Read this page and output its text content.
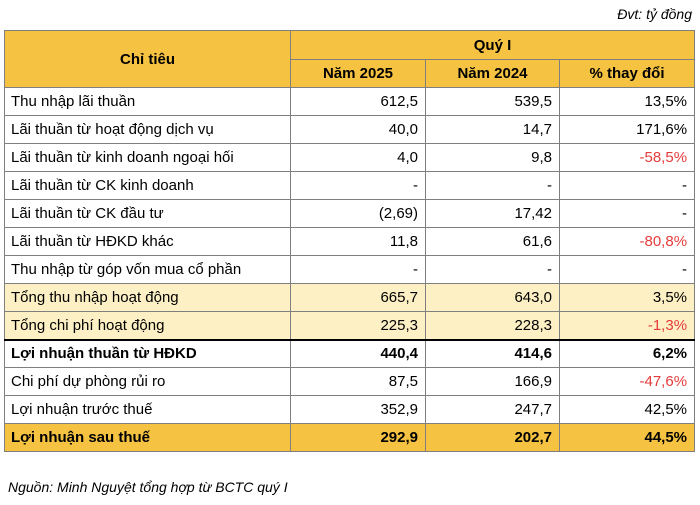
Đvt: tỷ đồng
Chỉ tiêu	Quý I		
	Năm 2025	Năm 2024	% thay đổi
Thu nhập lãi thuần	612,5	539,5	13,5%
Lãi thuần từ hoạt động dịch vụ	40,0	14,7	171,6%
Lãi thuần từ kinh doanh ngoại hối	4,0	9,8	-58,5%
Lãi thuần từ CK kinh doanh	-	-	-
Lãi thuần từ CK đầu tư	(2,69)	17,42	-
Lãi thuần từ HĐKD khác	11,8	61,6	-80,8%
Thu nhập từ góp vốn mua cổ phần	-	-	-
Tổng thu nhập hoạt động	665,7	643,0	3,5%
Tổng chi phí hoạt động	225,3	228,3	-1,3%
Lợi nhuận thuần từ HĐKD	440,4	414,6	6,2%
Chi phí dự phòng rủi ro	87,5	166,9	-47,6%
Lợi nhuận trước thuế	352,9	247,7	42,5%
Lợi nhuận sau thuế	292,9	202,7	44,5%
Nguồn: Minh Nguyệt tổng hợp từ BCTC quý I
